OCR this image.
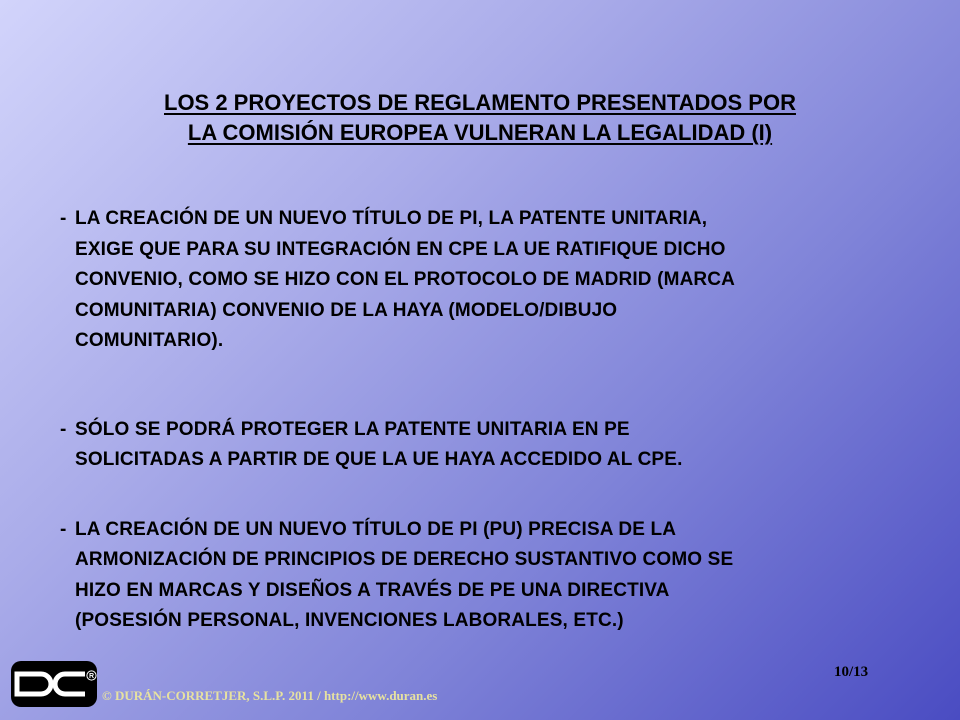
LOS 2 PROYECTOS DE REGLAMENTO PRESENTADOS POR
LA COMISIÓN EUROPEA VULNERAN LA LEGALIDAD (I)
- LA CREACIÓN DE UN NUEVO TÍTULO DE PI, LA PATENTE UNITARIA,
EXIGE QUE PARA SU INTEGRACIÓN EN CPE LA UE RATIFIQUE DICHO
CONVENIO, COMO SE HIZO CON EL PROTOCOLO DE MADRID (MARCA
COMUNITARIA) CONVENIO DE LA HAYA (MODELO/DIBUJO
COMUNITARIO).
- SÓLO SE PODRÁ PROTEGER LA PATENTE UNITARIA EN PE
SOLICITADAS A PARTIR DE QUE LA UE HAYA ACCEDIDO AL CPE.
- LA CREACIÓN DE UN NUEVO TÍTULO DE PI (PU) PRECISA DE LA
ARMONIZACIÓN DE PRINCIPIOS DE DERECHO SUSTANTIVO COMO SE
HIZO EN MARCAS Y DISEÑOS A TRAVÉS DE PE UNA DIRECTIVA
(POSESIÓN PERSONAL, INVENCIONES LABORALES, ETC.)
R
© DURÁN-CORRETJER, S.L.P. 2011 / http://www.duran.es
10/13
